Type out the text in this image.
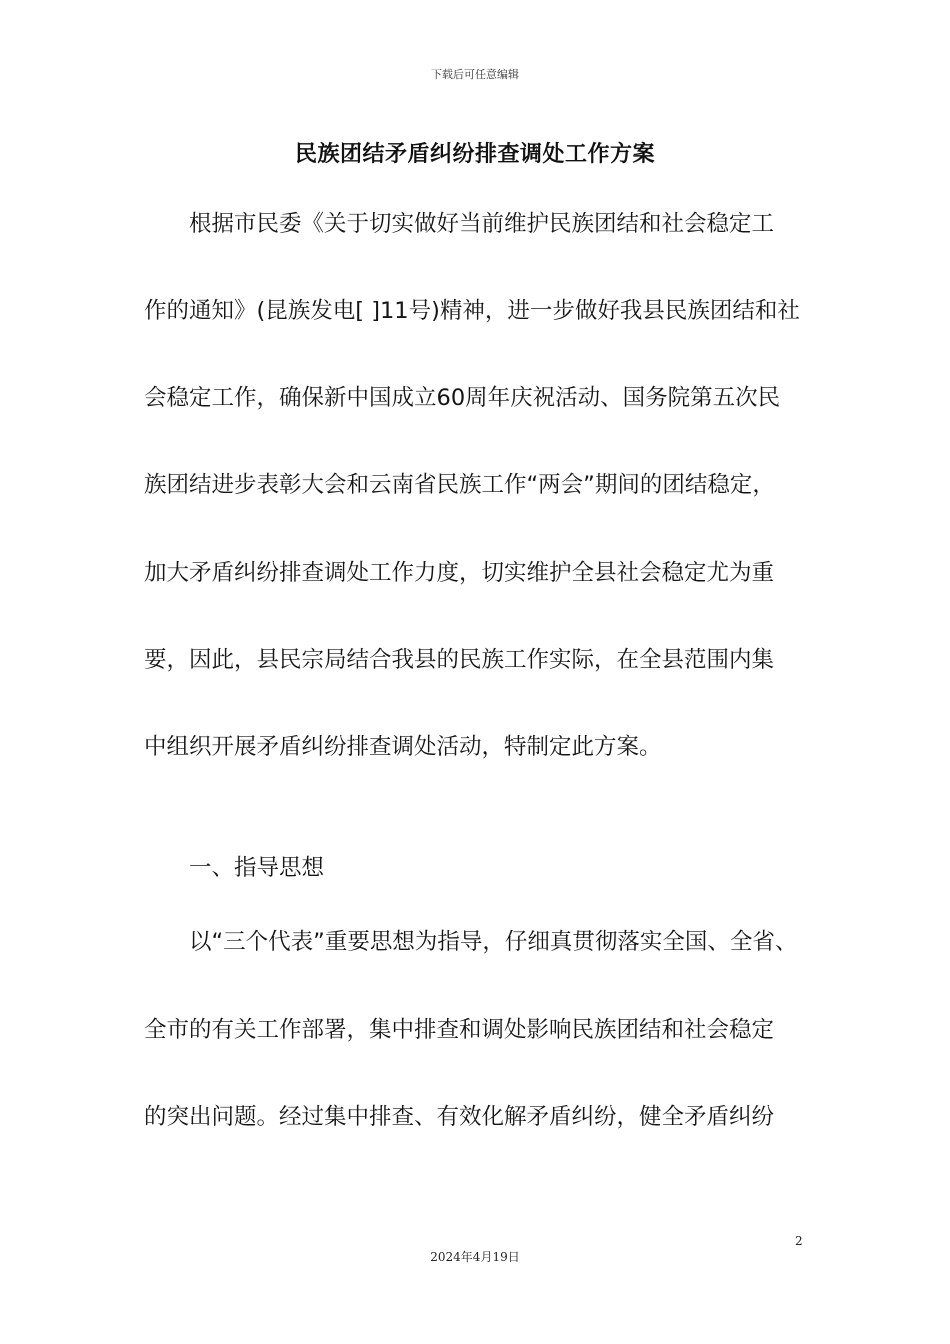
下载后可任意编辑
民族团结矛盾纠纷排查调处工作方案
根据市民委《关于切实做好当前维护民族团结和社会稳定工
作的通知》(昆族发电[ ]11号)精神，进一步做好我县民族团结和社
会稳定工作，确保新中国成立60周年庆祝活动、国务院第五次民
族团结进步表彰大会和云南省民族工作“两会”期间的团结稳定，
加大矛盾纠纷排查调处工作力度，切实维护全县社会稳定尤为重
要，因此，县民宗局结合我县的民族工作实际，在全县范围内集
中组织开展矛盾纠纷排查调处活动，特制定此方案。
一、指导思想
以“三个代表”重要思想为指导，仔细真贯彻落实全国、全省、
全市的有关工作部署，集中排查和调处影响民族团结和社会稳定
的突出问题。经过集中排查、有效化解矛盾纠纷，健全矛盾纠纷
2
2024年4月19日
